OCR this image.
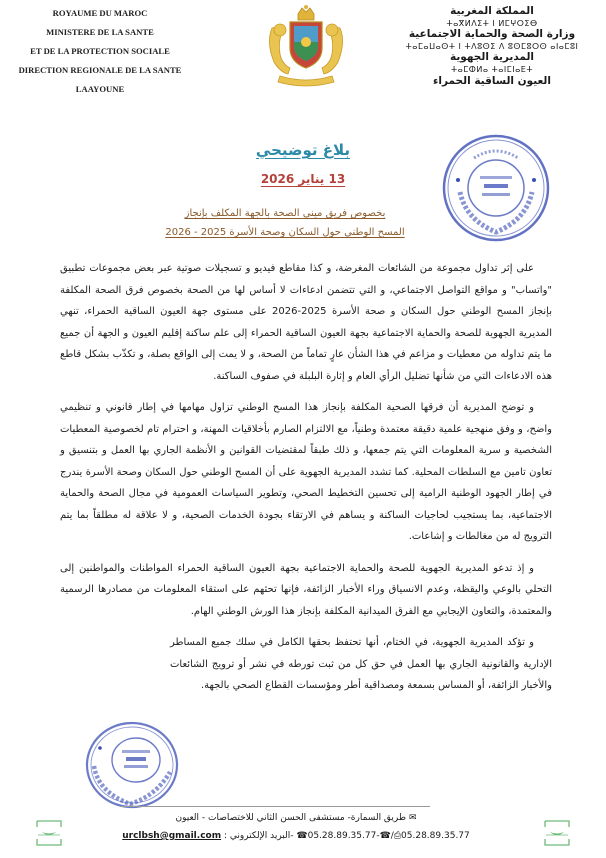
ROYAUME DU MAROC
MINISTERE DE LA SANTE
ET DE LA PROTECTION SOCIALE
DIRECTION REGIONALE DE LA SANTE
LAAYOUNE
المملكة المغربية
ⵜⴰⴳⵍⴷⵉⵜ ⵏ ⵍⵎⵖⵔⵉⴱ
وزارة الصحة والحماية الاجتماعية
ⵜⴰⵎⴰⵡⴰⵙⵜ ⵏ ⵜⴷⵓⵙⵉ ⴷ ⵓⵙⵎⵓⵔⵙ ⴰⵏⴰⵎⵓⵏ
المديرية الجهوية
ⵜⴰⵎⵀⵍⴰ ⵜⴰⵏⵎⵏⴰⴹⵜ
العيون الساقية الحمراء
بلاغ توضيحي
13 يناير 2026
بخصوص فريق ميني الصحة بالجهة المكلف بإنجاز
المسح الوطني حول السكان وصحة الأسرة 2025 - 2026

على إثر تداول مجموعة من الشائعات المغرضة، و كذا مقاطع فيديو و تسجيلات صوتية عبر بعض مجموعات تطبيق "واتساب" و مواقع التواصل الاجتماعي، و التي تتضمن ادعاءات لا أساس لها من الصحة بخصوص فرق الصحة المكلفة بإنجاز المسح الوطني حول السكان و صحة الأسرة 2025-2026 على مستوى جهة العيون الساقية الحمراء، تنهي المديرية الجهوية للصحة والحماية الاجتماعية بجهة العيون الساقية الحمراء إلى علم ساكنة إقليم العيون و الجهة أن جميع ما يتم تداوله من معطيات و مزاعم في هذا الشأن عارٍ تماماً من الصحة، و لا يمت إلى الواقع بصلة، و تكذّب بشكل قاطع هذه الادعاءات التي من شأنها تضليل الرأي العام و إثارة البلبلة في صفوف الساكنة.

و توضح المديرية أن فرقها الصحية المكلفة بإنجاز هذا المسح الوطني تزاول مهامها في إطار قانوني و تنظيمي واضح، و وفق منهجية علمية دقيقة معتمدة وطنياً، مع الالتزام الصارم بأخلاقيات المهنة، و احترام تام لخصوصية المعطيات الشخصية و سرية المعلومات التي يتم جمعها، و ذلك طبقاً لمقتضيات القوانين و الأنظمة الجاري بها العمل و بتنسيق و تعاون تامين مع السلطات المحلية. كما تشدد المديرية الجهوية على أن المسح الوطني حول السكان وصحة الأسرة يندرج في إطار الجهود الوطنية الرامية إلى تحسين التخطيط الصحي، وتطوير السياسات العمومية في مجال الصحة والحماية الاجتماعية، بما يستجيب لحاجيات الساكنة و يساهم في الارتقاء بجودة الخدمات الصحية، و لا علاقة له مطلقاً بما يتم الترويج له من مغالطات و إشاعات.

و إذ تدعو المديرية الجهوية للصحة والحماية الاجتماعية بجهة العيون الساقية الحمراء المواطنات والمواطنين إلى التحلي بالوعي واليقظة، وعدم الانسياق وراء الأخبار الزائفة، فإنها تحثهم على استقاء المعلومات من مصادرها الرسمية والمعتمدة، والتعاون الإيجابي مع الفرق الميدانية المكلفة بإنجاز هذا الورش الوطني الهام.

و تؤكد المديرية الجهوية، في الختام، أنها تحتفظ بحقها الكامل في سلك جميع المساطر الإدارية والقانونية الجاري بها العمل في حق كل من ثبت تورطه في نشر أو ترويج الشائعات والأخبار الزائفة، أو المساس بسمعة ومصداقية أطر ومؤسسات القطاع الصحي بالجهة.

✉ طريق السمارة- مستشفى الحسن الثاني للاختصاصات - العيون
urclbsh@gmail.com -البريد الإلكتروني : ☎05.28.89.35.77-☎/⎙05.28.89.35.77
